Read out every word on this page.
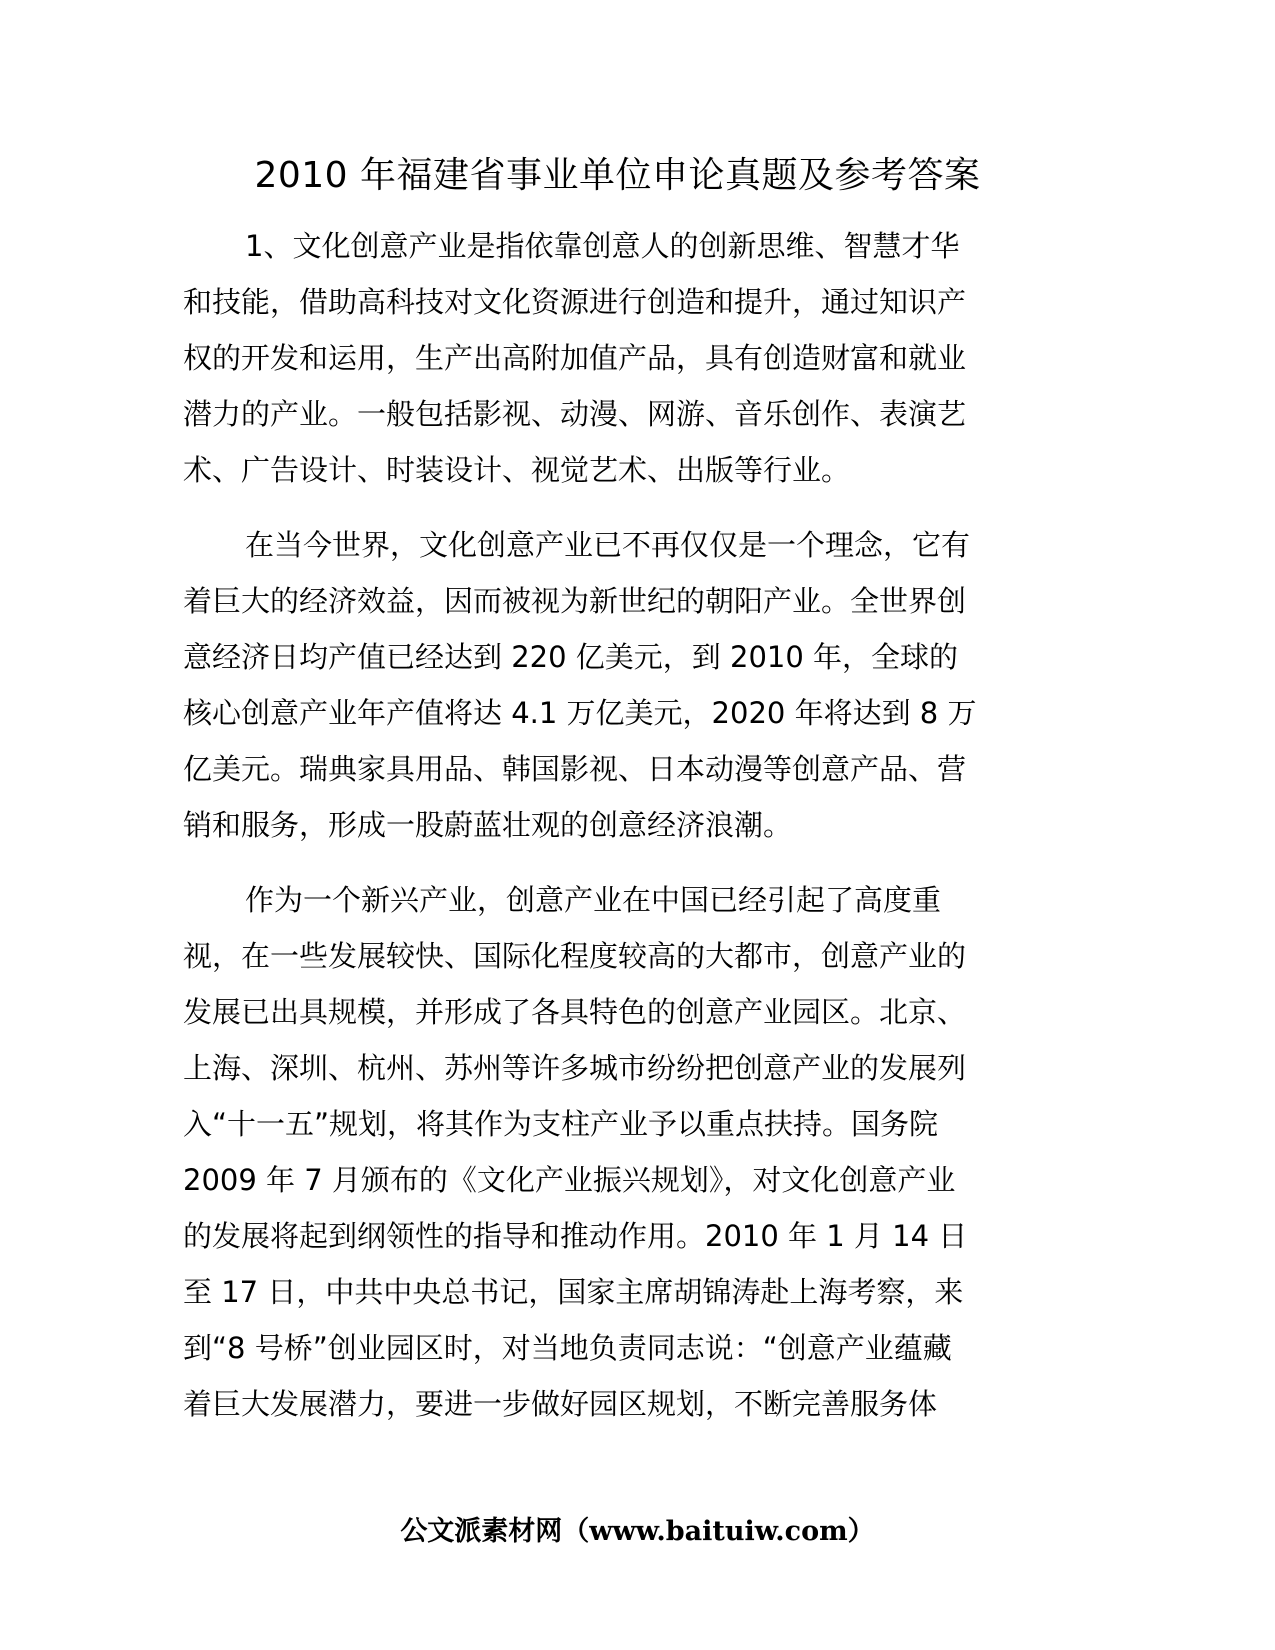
2010 年福建省事业单位申论真题及参考答案
1、文化创意产业是指依靠创意人的创新思维、智慧才华
和技能，借助高科技对文化资源进行创造和提升，通过知识产
权的开发和运用，生产出高附加值产品，具有创造财富和就业
潜力的产业。一般包括影视、动漫、网游、音乐创作、表演艺
术、广告设计、时装设计、视觉艺术、出版等行业。
在当今世界，文化创意产业已不再仅仅是一个理念，它有
着巨大的经济效益，因而被视为新世纪的朝阳产业。全世界创
意经济日均产值已经达到 220 亿美元，到 2010 年，全球的
核心创意产业年产值将达 4.1 万亿美元，2020 年将达到 8 万
亿美元。瑞典家具用品、韩国影视、日本动漫等创意产品、营
销和服务，形成一股蔚蓝壮观的创意经济浪潮。
作为一个新兴产业，创意产业在中国已经引起了高度重
视，在一些发展较快、国际化程度较高的大都市，创意产业的
发展已出具规模，并形成了各具特色的创意产业园区。北京、
上海、深圳、杭州、苏州等许多城市纷纷把创意产业的发展列
入“十一五”规划，将其作为支柱产业予以重点扶持。国务院
2009 年 7 月颁布的《文化产业振兴规划》，对文化创意产业
的发展将起到纲领性的指导和推动作用。2010 年 1 月 14 日
至 17 日，中共中央总书记，国家主席胡锦涛赴上海考察，来
到“8 号桥”创业园区时，对当地负责同志说：“创意产业蕴藏
着巨大发展潜力，要进一步做好园区规划，不断完善服务体
公文派素材网（www.baituiw.com）
